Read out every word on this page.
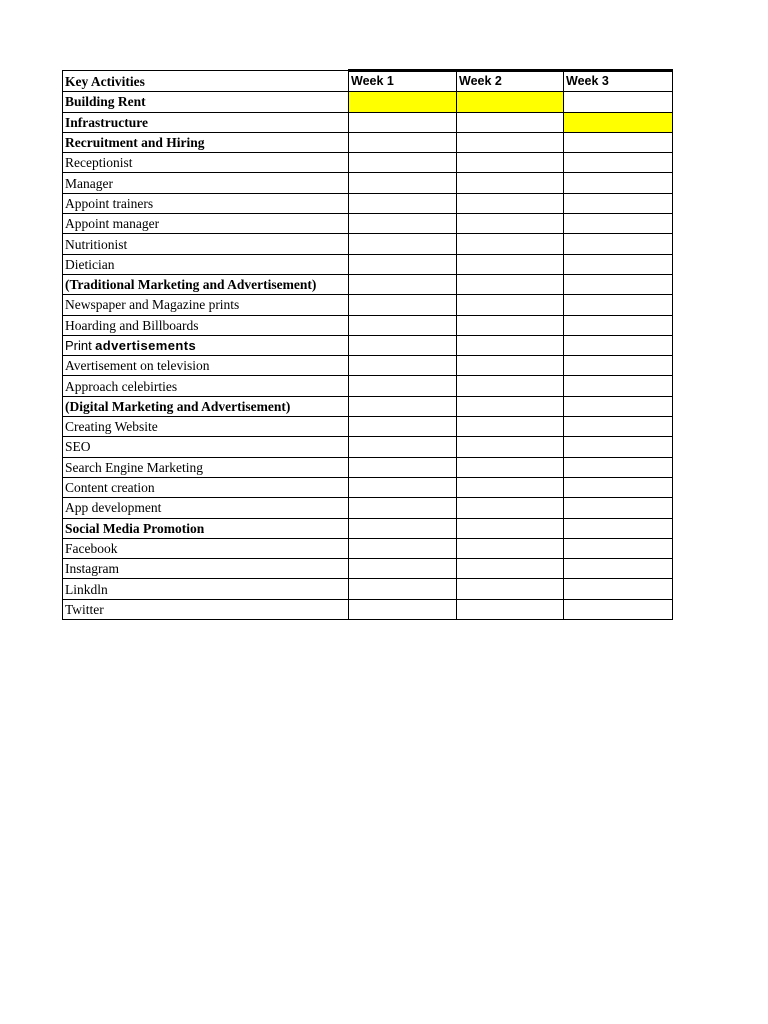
Key Activities	Week 1	Week 2	Week 3
Building Rent			
Infrastructure			
Recruitment and Hiring			
Receptionist			
Manager			
Appoint trainers			
Appoint manager			
Nutritionist			
Dietician			
(Traditional Marketing and Advertisement)			
Newspaper and Magazine prints			
Hoarding and Billboards			
Print advertisements			
Avertisement on television			
Approach celebirties			
(Digital Marketing and Advertisement)			
Creating Website			
SEO			
Search Engine Marketing			
Content creation			
App development			
Social Media Promotion			
Facebook			
Instagram			
Linkdln			
Twitter			
